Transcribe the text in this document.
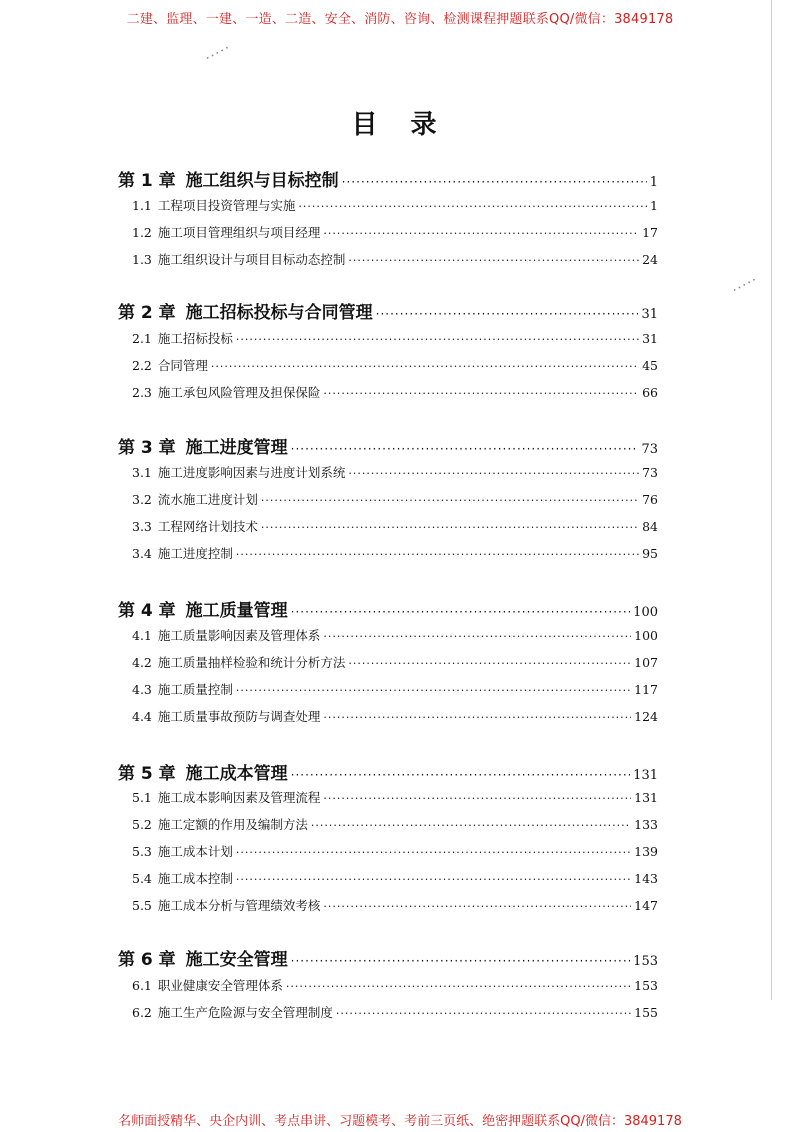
• • • • •
• • • • •
二建、监理、一建、一造、二造、安全、消防、咨询、检测课程押题联系QQ/微信：3849178
目 录
第 1 章 施工组织与目标控制 ·····	1
1.1 工程项目投资管理与实施 ·····	1
1.2 施工项目管理组织与项目经理 ·····	17
1.3 施工组织设计与项目目标动态控制 ·····	24
第 2 章 施工招标投标与合同管理 ·····	31
2.1 施工招标投标 ·····	31
2.2 合同管理 ·····	45
2.3 施工承包风险管理及担保保险 ·····	66
第 3 章 施工进度管理 ·····	73
3.1 施工进度影响因素与进度计划系统 ·····	73
3.2 流水施工进度计划 ·····	76
3.3 工程网络计划技术 ·····	84
3.4 施工进度控制 ·····	95
第 4 章 施工质量管理 ·····	100
4.1 施工质量影响因素及管理体系 ·····	100
4.2 施工质量抽样检验和统计分析方法 ·····	107
4.3 施工质量控制 ·····	117
4.4 施工质量事故预防与调查处理 ·····	124
第 5 章 施工成本管理 ·····	131
5.1 施工成本影响因素及管理流程 ·····	131
5.2 施工定额的作用及编制方法 ·····	133
5.3 施工成本计划 ·····	139
5.4 施工成本控制 ·····	143
5.5 施工成本分析与管理绩效考核 ·····	147
第 6 章 施工安全管理 ·····	153
6.1 职业健康安全管理体系 ·····	153
6.2 施工生产危险源与安全管理制度 ·····	155
名师面授精华、央企内训、考点串讲、习题模考、考前三页纸、绝密押题联系QQ/微信：3849178
